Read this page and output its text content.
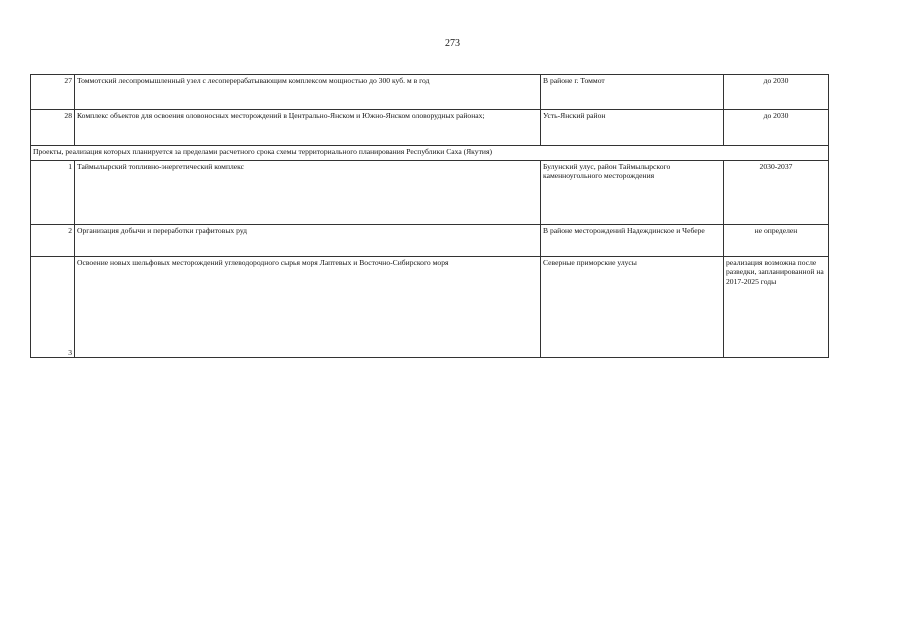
273
27	Томмотский лесопромышленный узел с лесоперерабатывающим комплексом мощностью до 300 куб. м в год	В районе г. Томмот	до 2030
28	Комплекс объектов для освоения оловоносных месторождений в Центрально-Янском и Южно-Янском оловорудных районах;	Усть-Янский район	до 2030
Проекты, реализация которых планируется за пределами расчетного срока схемы территориального планирования Республики Саха (Якутия)			
1	Таймылырский топливно-энергетический комплекс	Булунский улус, район Таймылырского каменноугольного месторождения	2030-2037
2	Организация добычи и переработки графитовых руд	В районе месторождений Надеждинское и Чебере	не определен
3	Освоение новых шельфовых месторождений углеводородного сырья моря Лаптевых и Восточно-Сибирского моря	Северные приморские улусы	реализация возможна после разведки, запланированной на 2017-2025 годы
